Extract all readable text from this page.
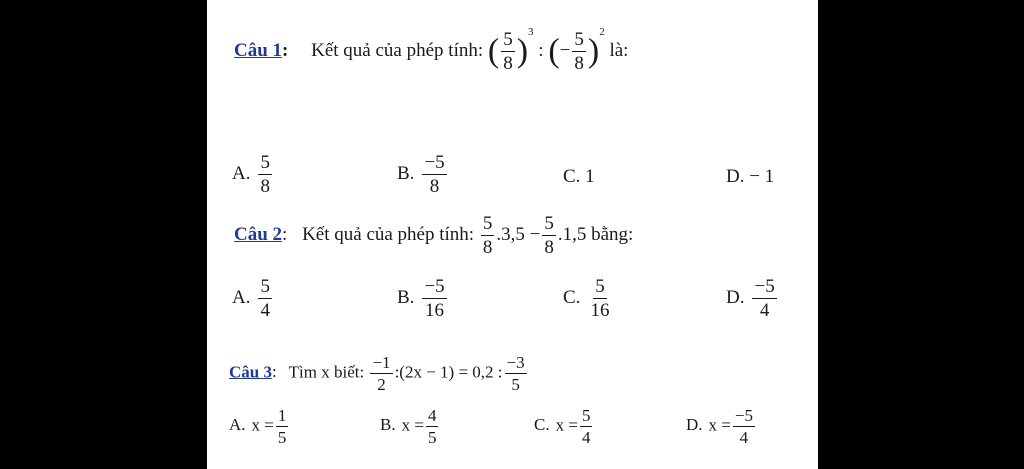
Câu 1: Kết quả của phép tính: ( $\frac{5}{8} )^3$ : (− $\frac{5}{8} )^2$ là:
A. $\frac{5}{8}$	B. $\frac{-5}{8}$	C. 1	D. − 1
Câu 2: Kết quả của phép tính: $\frac{5}{8} .3,5 - \frac{5}{8} .1,5$ bằng:
A. $\frac{5}{4}$	B. $\frac{-5}{16}$	C. $\frac{5}{16}$	D. $\frac{-5}{4}$
Câu 3: Tìm x biết: $\frac{-1}{2}$ :(2x − 1) = 0,2 : $\frac{-3}{5}$
A. $x = \frac{1}{5}$	B. $x = \frac{4}{5}$	C. $x = \frac{5}{4}$	D. $x = \frac{-5}{4}$
